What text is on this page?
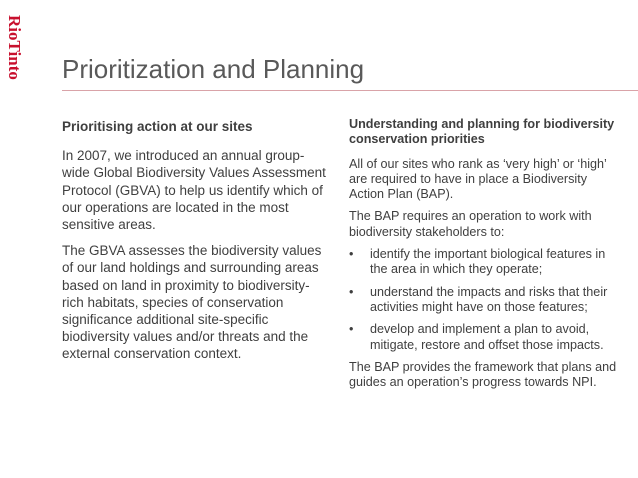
RioTinto Prioritization and Planning

Prioritising action at our sites

In 2007, we introduced an annual group-wide Global Biodiversity Values Assessment Protocol (GBVA) to help us identify which of our operations are located in the most sensitive areas.

The GBVA assesses the biodiversity values of our land holdings and surrounding areas based on land in proximity to biodiversity-rich habitats, species of conservation significance additional site-specific biodiversity values and/or threats and the external conservation context.

Understanding and planning for biodiversity conservation priorities

All of our sites who rank as ‘very high’ or ‘high’ are required to have in place a Biodiversity Action Plan (BAP).

The BAP requires an operation to work with biodiversity stakeholders to:

• identify the important biological features in the area in which they operate;
• understand the impacts and risks that their activities might have on those features;
• develop and implement a plan to avoid, mitigate, restore and offset those impacts.

The BAP provides the framework that plans and guides an operation’s progress towards NPI.
